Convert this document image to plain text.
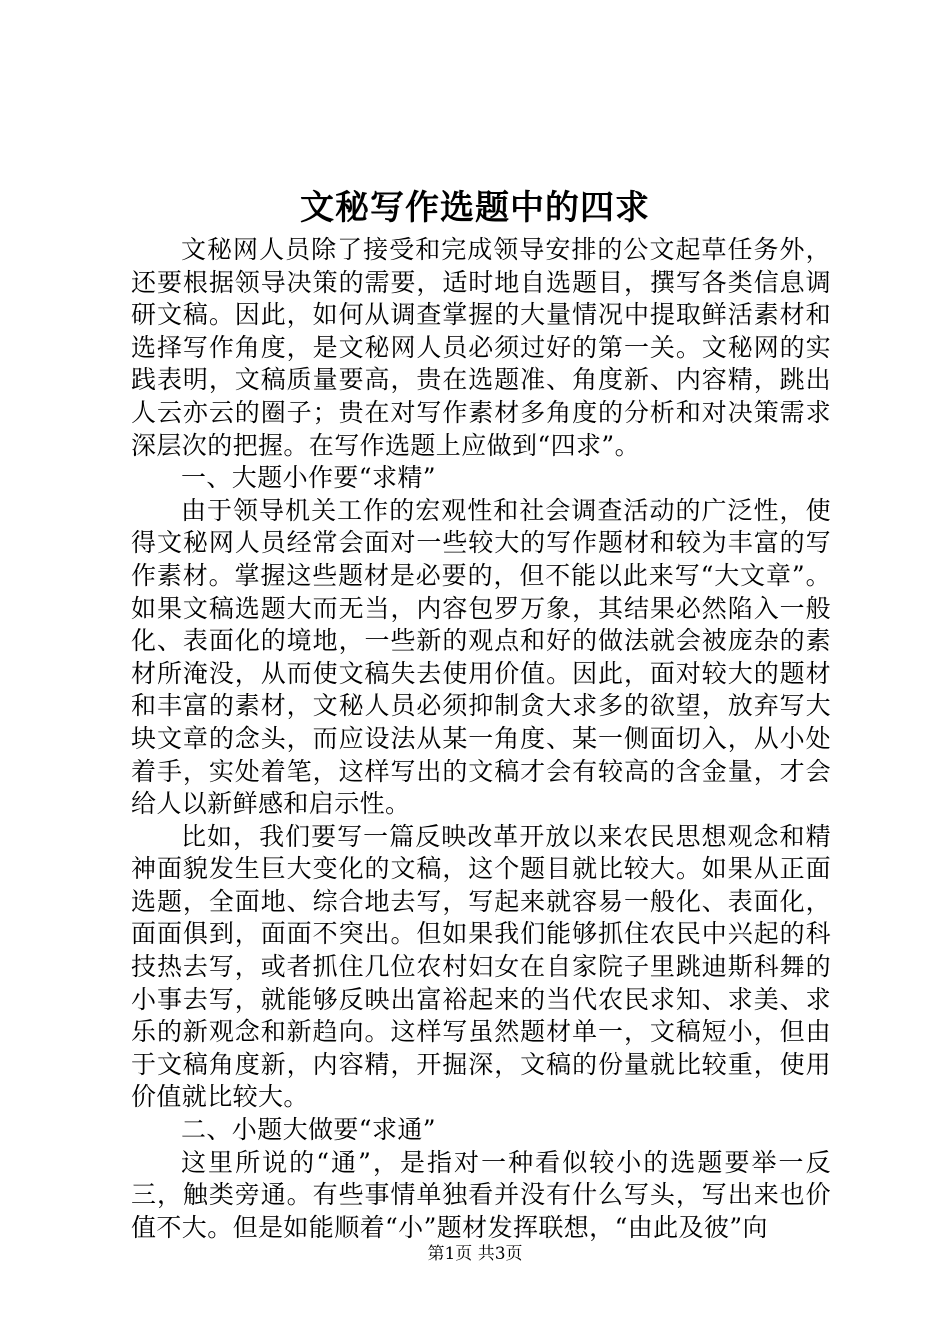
文秘写作选题中的四求

文秘网人员除了接受和完成领导安排的公文起草任务外，还要根据领导决策的需要，适时地自选题目，撰写各类信息调研文稿。因此，如何从调查掌握的大量情况中提取鲜活素材和选择写作角度，是文秘网人员必须过好的第一关。文秘网的实践表明，文稿质量要高，贵在选题准、角度新、内容精，跳出人云亦云的圈子；贵在对写作素材多角度的分析和对决策需求深层次的把握。在写作选题上应做到“四求”。

一、大题小作要“求精”

由于领导机关工作的宏观性和社会调查活动的广泛性，使得文秘网人员经常会面对一些较大的写作题材和较为丰富的写作素材。掌握这些题材是必要的，但不能以此来写“大文章”。如果文稿选题大而无当，内容包罗万象，其结果必然陷入一般化、表面化的境地，一些新的观点和好的做法就会被庞杂的素材所淹没，从而使文稿失去使用价值。因此，面对较大的题材和丰富的素材，文秘人员必须抑制贪大求多的欲望，放弃写大块文章的念头，而应设法从某一角度、某一侧面切入，从小处着手，实处着笔，这样写出的文稿才会有较高的含金量，才会给人以新鲜感和启示性。

比如，我们要写一篇反映改革开放以来农民思想观念和精神面貌发生巨大变化的文稿，这个题目就比较大。如果从正面选题，全面地、综合地去写，写起来就容易一般化、表面化，面面俱到，面面不突出。但如果我们能够抓住农民中兴起的科技热去写，或者抓住几位农村妇女在自家院子里跳迪斯科舞的小事去写，就能够反映出富裕起来的当代农民求知、求美、求乐的新观念和新趋向。这样写虽然题材单一，文稿短小，但由于文稿角度新，内容精，开掘深，文稿的份量就比较重，使用价值就比较大。

二、小题大做要“求通”

这里所说的“通”，是指对一种看似较小的选题要举一反三，触类旁通。有些事情单独看并没有什么写头，写出来也价值不大。但是如能顺着“小”题材发挥联想，“由此及彼”向

第1页 共3页
